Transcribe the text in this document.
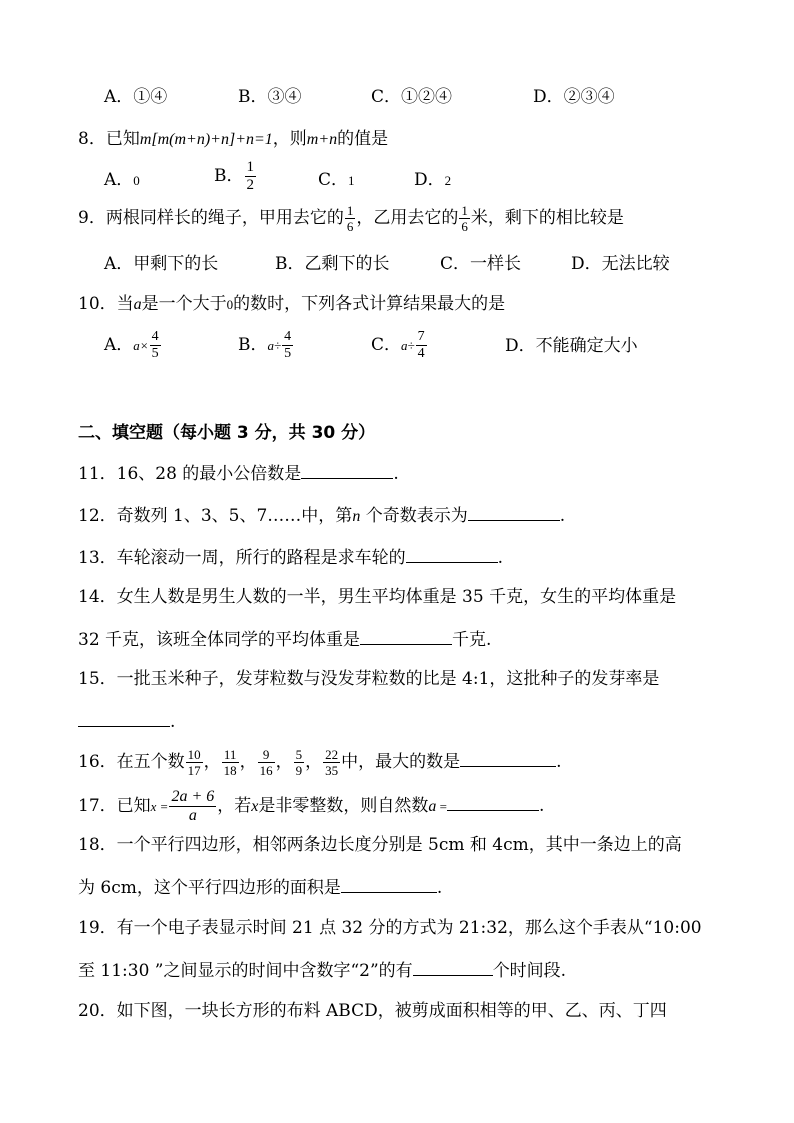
A．①④	B．③④	C．①②④	D．②③④
8．已知m[m(m+n)+n]+n=1，则m+n的值是
A．0	B． $\frac{1}{2}$	C．1	D．2
9．两根同样长的绳子，甲用去它的 $\frac{1}{6}$ ，乙用去它的 $\frac{1}{6}$ 米，剩下的相比较是
A．甲剩下的长	B．乙剩下的长	C．一样长	D．无法比较
10．当a是一个大于0的数时，下列各式计算结果最大的是
A．$a\times \frac{4}{5}$	B．$a\div \frac{4}{5}$	C．$a\div \frac{7}{4}$	D．不能确定大小
二、填空题（每小题 3 分，共 30 分）
11．16、28 的最小公倍数是	.
12．奇数列 1、3、5、7……中，第n 个奇数表示为	.
13．车轮滚动一周，所行的路程是求车轮的	.
14．女生人数是男生人数的一半，男生平均体重是 35 千克，女生的平均体重是
32 千克，该班全体同学的平均体重是	千克.
15．一批玉米种子，发芽粒数与没发芽粒数的比是 4:1，这批种子的发芽率是
.
16．在五个数 $\frac{10}{17}$ ， $\frac{11}{18}$ ， $\frac{9}{16}$ ， $\frac{5}{9}$ ， $\frac{22}{35}$ 中，最大的数是	.
17．已知$x = \frac{2a + 6}{a}$ ，若x是非零整数，则自然数a =	.
18．一个平行四边形，相邻两条边长度分别是 5cm 和 4cm，其中一条边上的高
为 6cm，这个平行四边形的面积是	.
19．有一个电子表显示时间 21 点 32 分的方式为 21:32，那么这个手表从“10:00
至 11:30 ”之间显示的时间中含数字“2”的有	个时间段.
20．如下图，一块长方形的布料 ABCD，被剪成面积相等的甲、乙、丙、丁四
